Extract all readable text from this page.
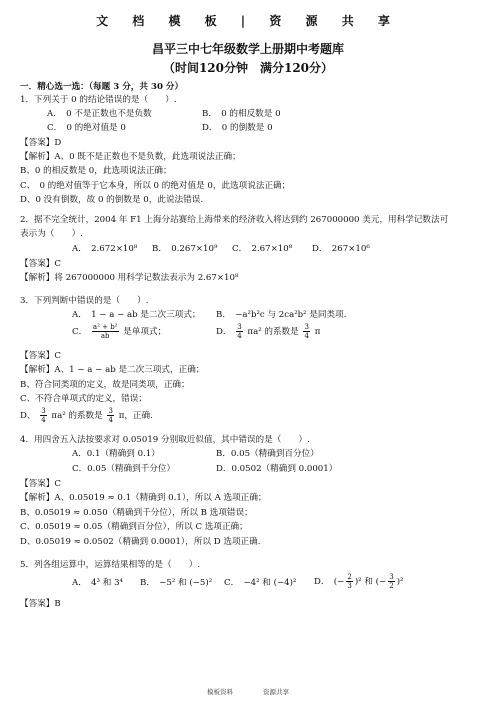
文 档 模 板 | 资 源 共 享
昌平三中七年级数学上册期中考题库
（时间120分钟　满分120分）
一．精心选一选：（每题 3 分，共 30 分）
1．下列关于 0 的结论错误的是（　　）.
A．　0 不是正数也不是负数	B．　0 的相反数是 0
C．　0 的绝对值是 0	D．　0 的倒数是 0
【答案】D
【解析】A、0 既不是正数也不是负数，此选项说法正确；
B、0 的相反数是 0，此选项说法正确；
C、　0 的绝对值等于它本身，所以 0 的绝对值是 0，此选项说法正确；
D、0 没有倒数，故 0 的倒数是 0，此说法错误.
2．据不完全统计，2004 年 F1 上海分站赛给上海带来的经济收入将达到约 267000000 美元，用科学记数法可
表示为（　　）.
A．　2.672×10⁸ B．　0.267×10⁹ C．　2.67×10⁸ D．　267×10⁶
【答案】C
【解析】将 267000000 用科学记数法表示为 2.67×10⁸
3．下列判断中错误的是（　　）.
A．　1 − a − ab 是二次三项式； B．　−a²b²c 与 2ca²b² 是同类项.
C． $\frac{\text{a² + b²}}{ab}$ 是单项式；	D． $\frac{3}{4} \pi a^2$ 的系数是 $\frac{3}{4}$ π
【答案】C
【解析】A、1 − a − ab 是二次三项式，正确；
B、符合同类项的定义，故是同类项，正确；
C、不符合单项式的定义，错误；
D、 $\frac{3}{4} \pi a^2$ 的系数是 $\frac{3}{4}$ π，正确.
4．用四舍五入法按要求对 0.05019 分别取近似值，其中错误的是（　　）.
A．0.1（精确到 0.1）	B．0.05（精确到百分位）
C．0.05（精确到千分位）	D．0.0502（精确到 0.0001）
【答案】C
【解析】A、0.05019 ≈ 0.1（精确到 0.1），所以 A 选项正确；
B、0.05019 ≈ 0.050（精确到千分位），所以 B 选项错误；
C、0.05019 ≈ 0.05（精确到百分位），所以 C 选项正确；
D、0.05019 ≈ 0.0502（精确到 0.0001），所以 D 选项正确.
5．列各组运算中，运算结果相等的是（　　）.
A．　4³ 和 3⁴ B．　−5² 和 (−5)² C．　−4² 和 (−4)² D．　(− $\frac{2}{3} )^2$ 和 (− $\frac{3}{2} )^2$
【答案】B
模板资料	资源共享
